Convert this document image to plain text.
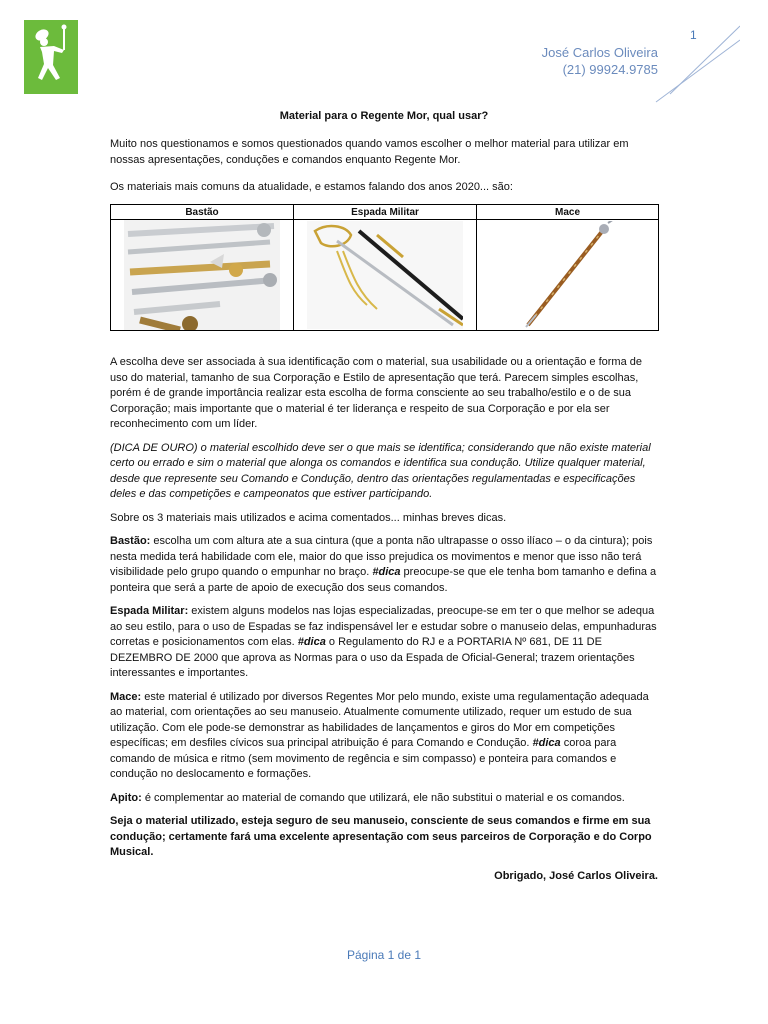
1
José Carlos Oliveira
(21) 99924.9785
Material para o Regente Mor, qual usar?

Muito nos questionamos e somos questionados quando vamos escolher o melhor material para utilizar em nossas apresentações, conduções e comandos enquanto Regente Mor.

Os materiais mais comuns da atualidade, e estamos falando dos anos 2020... são:

Bastão	Espada Militar	Mace

A escolha deve ser associada à sua identificação com o material, sua usabilidade ou a orientação e forma de uso do material, tamanho de sua Corporação e Estilo de apresentação que terá. Parecem simples escolhas, porém é de grande importância realizar esta escolha de forma consciente ao seu trabalho/estilo e o de sua Corporação; mais importante que o material é ter liderança e respeito de sua Corporação e por ela ser reconhecimento com um líder.

(DICA DE OURO) o material escolhido deve ser o que mais se identifica; considerando que não existe material certo ou errado e sim o material que alonga os comandos e identifica sua condução. Utilize qualquer material, desde que represente seu Comando e Condução, dentro das orientações regulamentadas e especificações deles e das competições e campeonatos que estiver participando.

Sobre os 3 materiais mais utilizados e acima comentados... minhas breves dicas.

Bastão: escolha um com altura ate a sua cintura (que a ponta não ultrapasse o osso ilíaco – o da cintura); pois nesta medida terá habilidade com ele, maior do que isso prejudica os movimentos e menor que isso não terá visibilidade pelo grupo quando o empunhar no braço. #dica preocupe-se que ele tenha bom tamanho e defina a ponteira que será a parte de apoio de execução dos seus comandos.

Espada Militar: existem alguns modelos nas lojas especializadas, preocupe-se em ter o que melhor se adequa ao seu estilo, para o uso de Espadas se faz indispensável ler e estudar sobre o manuseio delas, empunhaduras corretas e posicionamentos com elas. #dica o Regulamento do RJ e a PORTARIA Nº 681, DE 11 DE DEZEMBRO DE 2000 que aprova as Normas para o uso da Espada de Oficial-General; trazem orientações interessantes e importantes.

Mace: este material é utilizado por diversos Regentes Mor pelo mundo, existe uma regulamentação adequada ao material, com orientações ao seu manuseio. Atualmente comumente utilizado, requer um estudo de sua utilização. Com ele pode-se demonstrar as habilidades de lançamentos e giros do Mor em competições específicas; em desfiles cívicos sua principal atribuição é para Comando e Condução. #dica coroa para comando de música e ritmo (sem movimento de regência e sim compasso) e ponteira para comandos e condução no deslocamento e formações.

Apito: é complementar ao material de comando que utilizará, ele não substitui o material e os comandos.

Seja o material utilizado, esteja seguro de seu manuseio, consciente de seus comandos e firme em sua condução; certamente fará uma excelente apresentação com seus parceiros de Corporação e do Corpo Musical.

Obrigado, José Carlos Oliveira.

Página 1 de 1
